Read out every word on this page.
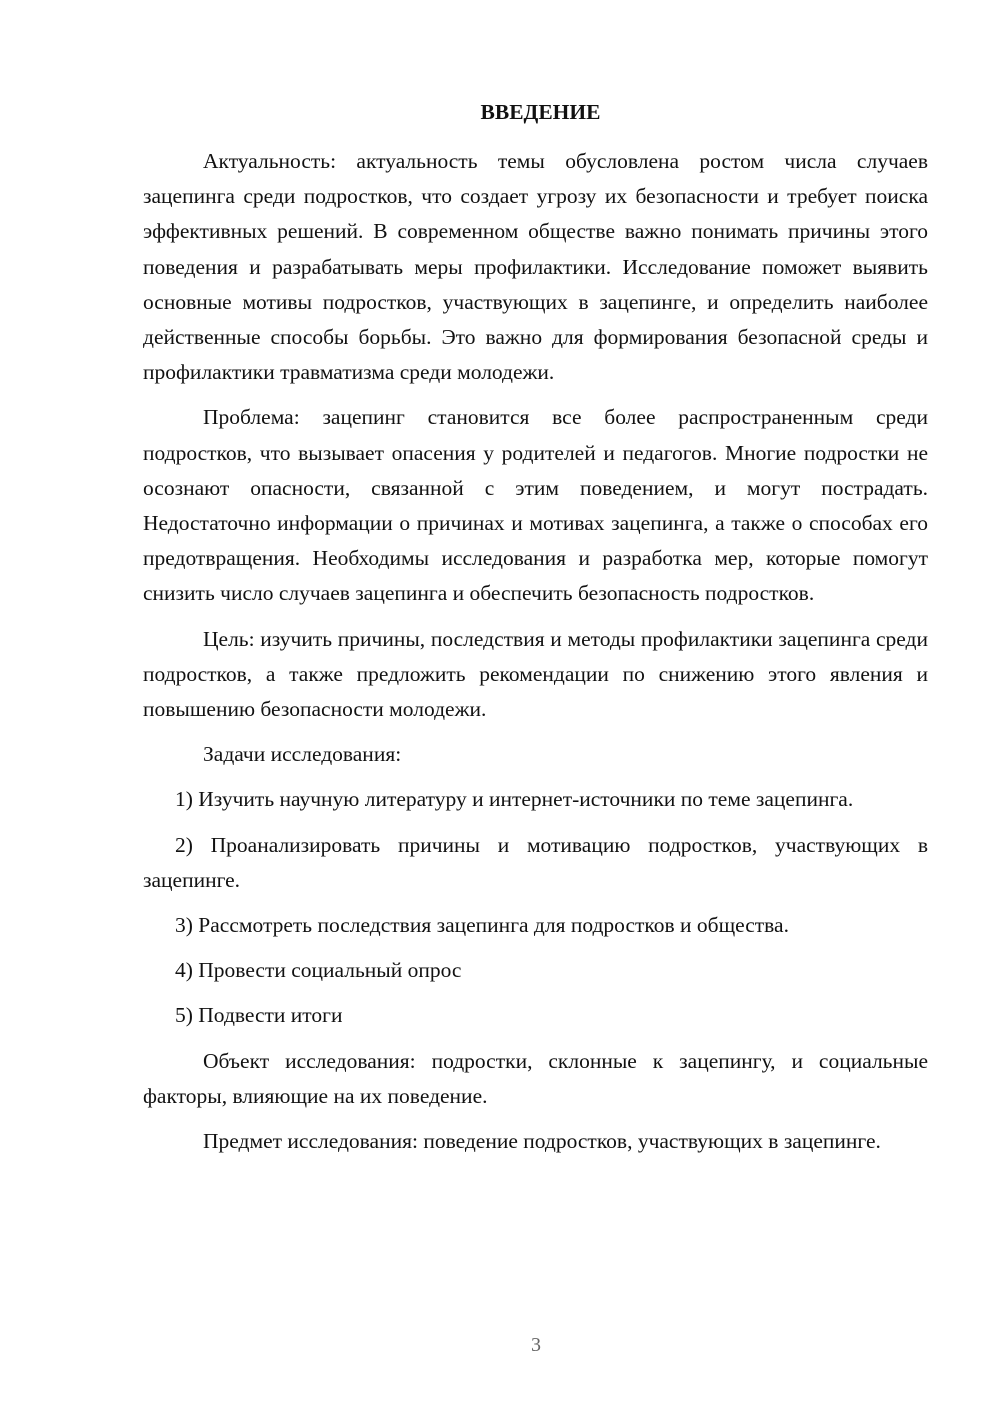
ВВЕДЕНИЕ

Актуальность: актуальность темы обусловлена ростом числа случаев зацепинга среди подростков, что создает угрозу их безопасности и требует поиска эффективных решений. В современном обществе важно понимать причины этого поведения и разрабатывать меры профилактики. Исследование поможет выявить основные мотивы подростков, участвующих в зацепинге, и определить наиболее действенные способы борьбы. Это важно для формирования безопасной среды и профилактики травматизма среди молодежи.

Проблема: зацепинг становится все более распространенным среди подростков, что вызывает опасения у родителей и педагогов. Многие подростки не осознают опасности, связанной с этим поведением, и могут пострадать. Недостаточно информации о причинах и мотивах зацепинга, а также о способах его предотвращения. Необходимы исследования и разработка мер, которые помогут снизить число случаев зацепинга и обеспечить безопасность подростков.

Цель: изучить причины, последствия и методы профилактики зацепинга среди подростков, а также предложить рекомендации по снижению этого явления и повышению безопасности молодежи.

Задачи исследования:

1) Изучить научную литературу и интернет-источники по теме зацепинга.

2) Проанализировать причины и мотивацию подростков, участвующих в зацепинге.

3) Рассмотреть последствия зацепинга для подростков и общества.

4) Провести социальный опрос

5) Подвести итоги

Объект исследования: подростки, склонные к зацепингу, и социальные факторы, влияющие на их поведение.

Предмет исследования: поведение подростков, участвующих в зацепинге.

3
